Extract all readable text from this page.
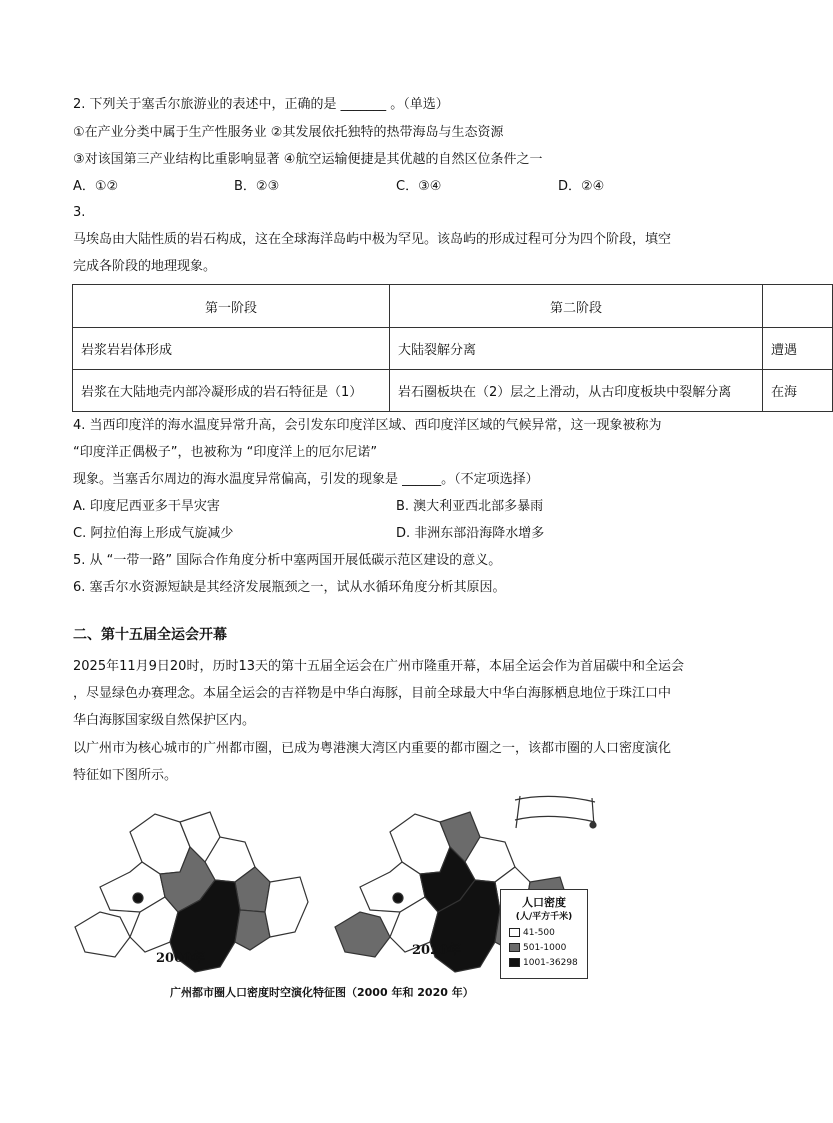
2. 下列关于塞舌尔旅游业的表述中，正确的是 _______ 。（单选）
①在产业分类中属于生产性服务业 ②其发展依托独特的热带海岛与生态资源
③对该国第三产业结构比重影响显著 ④航空运输便捷是其优越的自然区位条件之一
A．①②	B．②③	C．③④	D．②④
3.
马埃岛由大陆性质的岩石构成，这在全球海洋岛屿中极为罕见。该岛屿的形成过程可分为四个阶段，填空
完成各阶段的地理现象。
第一阶段	第二阶段	
岩浆岩岩体形成	大陆裂解分离	遭遇
岩浆在大陆地壳内部冷凝形成的岩石特征是（1）	岩石圈板块在（2）层之上滑动，从古印度板块中裂解分离	在海
4. 当西印度洋的海水温度异常升高，会引发东印度洋区域、西印度洋区域的气候异常，这一现象被称为
“印度洋正偶极子”，也被称为 “印度洋上的厄尔尼诺”
现象。当塞舌尔周边的海水温度异常偏高，引发的现象是 ______。（不定项选择）
A. 印度尼西亚多干旱灾害	B. 澳大利亚西北部多暴雨
C. 阿拉伯海上形成气旋减少	D. 非洲东部沿海降水增多
5. 从 “一带一路” 国际合作角度分析中塞两国开展低碳示范区建设的意义。
6. 塞舌尔水资源短缺是其经济发展瓶颈之一，试从水循环角度分析其原因。
二、第十五届全运会开幕
2025年11月9日20时，历时13天的第十五届全运会在广州市隆重开幕，本届全运会作为首届碳中和全运会
，尽显绿色办赛理念。本届全运会的吉祥物是中华白海豚，目前全球最大中华白海豚栖息地位于珠江口中
华白海豚国家级自然保护区内。
以广州市为核心城市的广州都市圈，已成为粤港澳大湾区内重要的都市圈之一，该都市圈的人口密度演化
特征如下图所示。
2000年
2020年
人口密度
(人/平方千米)
41-500
501-1000
1001-36298
广州都市圈人口密度时空演化特征图（2000 年和 2020 年）
